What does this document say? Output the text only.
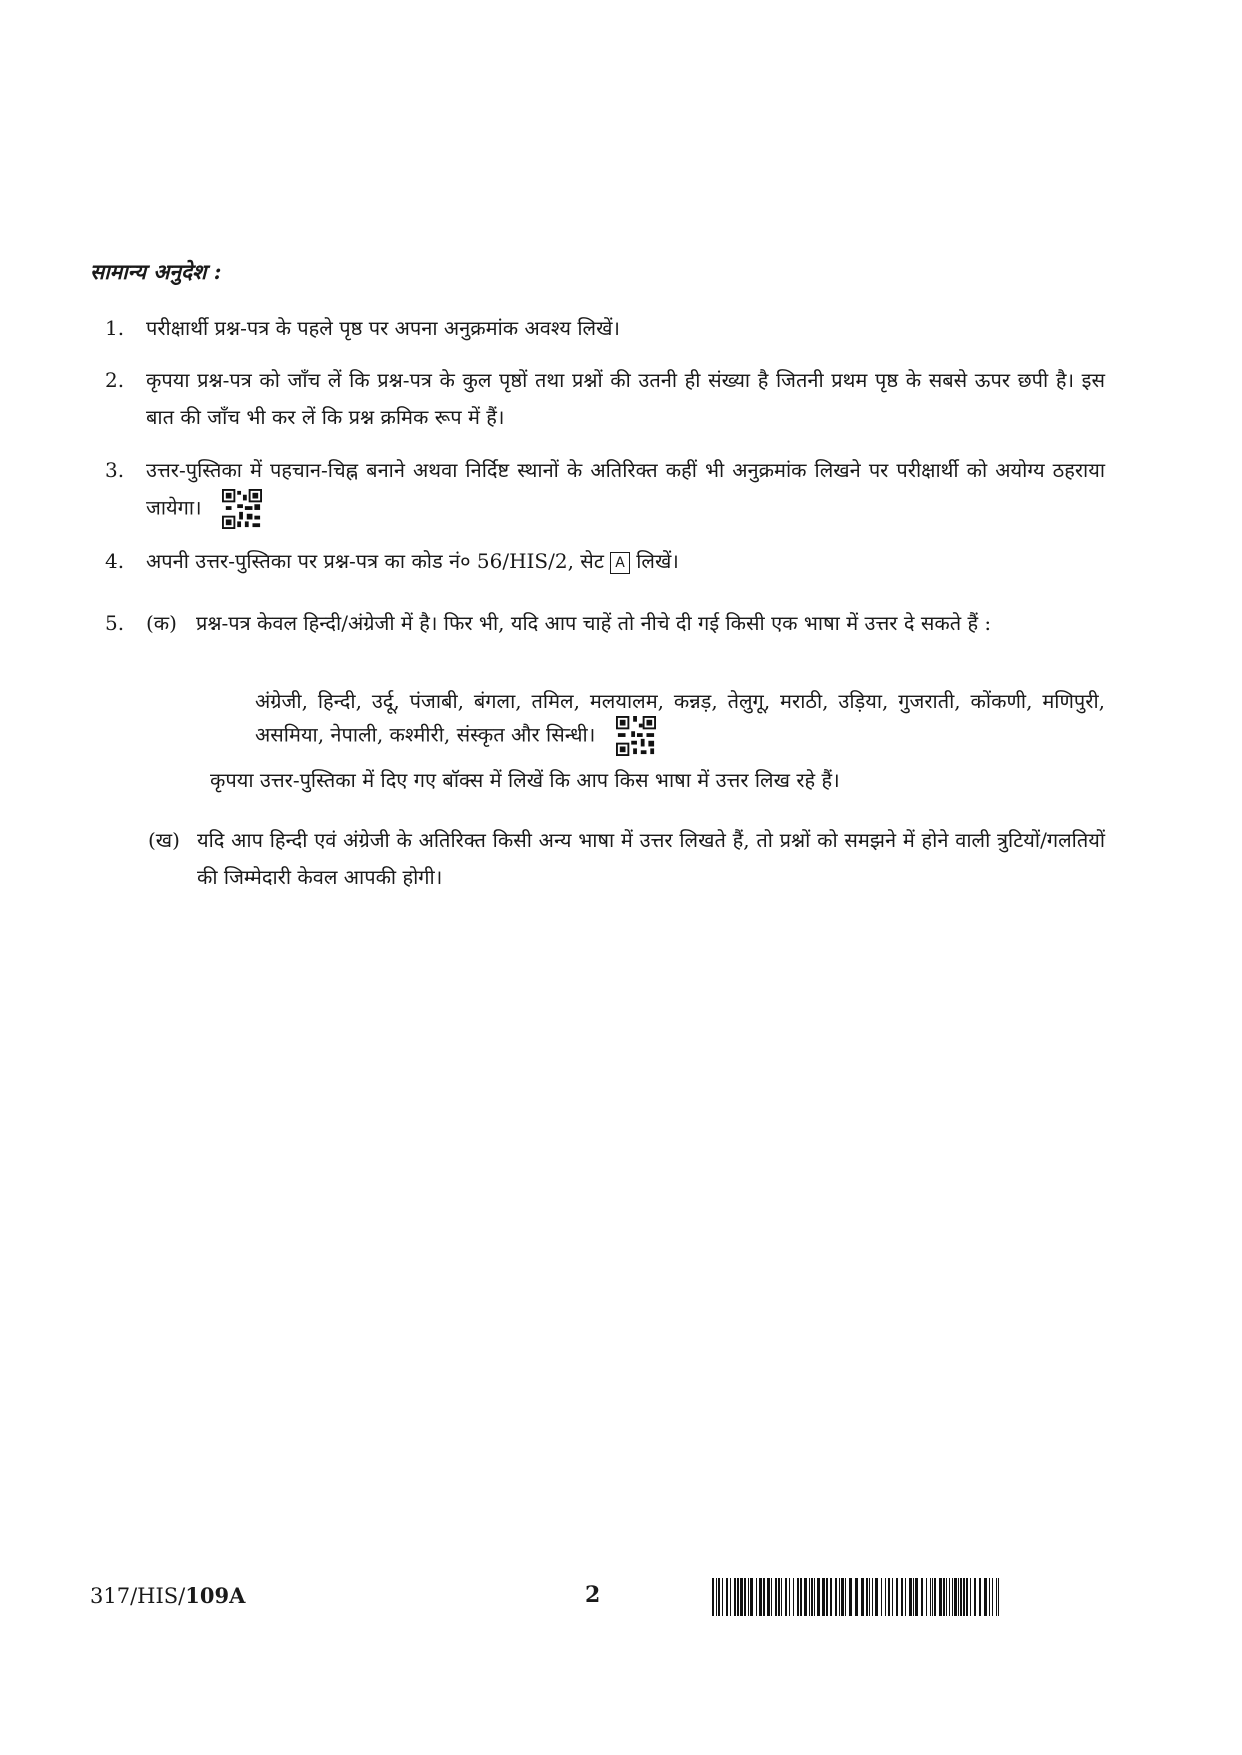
सामान्य अनुदेश :
1.	परीक्षार्थी प्रश्न-पत्र के पहले पृष्ठ पर अपना अनुक्रमांक अवश्य लिखें।
2.	कृपया प्रश्न-पत्र को जाँच लें कि प्रश्न-पत्र के कुल पृष्ठों तथा प्रश्नों की उतनी ही संख्या है जितनी प्रथम पृष्ठ के सबसे ऊपर छपी है। इस बात की जाँच भी कर लें कि प्रश्न क्रमिक रूप में हैं।
3.	उत्तर-पुस्तिका में पहचान-चिह्न बनाने अथवा निर्दिष्ट स्थानों के अतिरिक्त कहीं भी अनुक्रमांक लिखने पर परीक्षार्थी को अयोग्य ठहराया जायेगा।
4.	अपनी उत्तर-पुस्तिका पर प्रश्न-पत्र का कोड नं० 56/HIS/2, सेट A लिखें।
5.	(क) प्रश्न-पत्र केवल हिन्दी/अंग्रेजी में है। फिर भी, यदि आप चाहें तो नीचे दी गई किसी एक भाषा में उत्तर दे सकते हैं :
अंग्रेजी, हिन्दी, उर्दू, पंजाबी, बंगला, तमिल, मलयालम, कन्नड़, तेलुगू, मराठी, उड़िया, गुजराती, कोंकणी, मणिपुरी, असमिया, नेपाली, कश्मीरी, संस्कृत और सिन्धी।
कृपया उत्तर-पुस्तिका में दिए गए बॉक्स में लिखें कि आप किस भाषा में उत्तर लिख रहे हैं।
(ख) यदि आप हिन्दी एवं अंग्रेजी के अतिरिक्त किसी अन्य भाषा में उत्तर लिखते हैं, तो प्रश्नों को समझने में होने वाली त्रुटियों/गलतियों की जिम्मेदारी केवल आपकी होगी।
317/HIS/109A	2
